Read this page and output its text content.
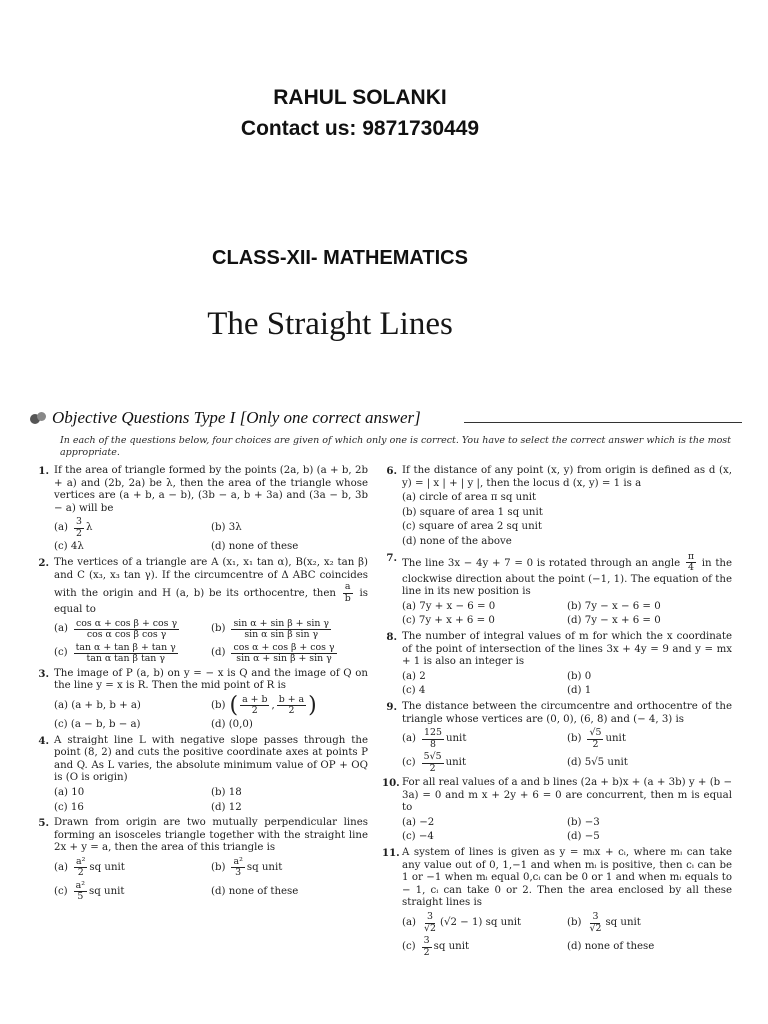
RAHUL SOLANKI
Contact us: 9871730449
CLASS-XII- MATHEMATICS
The Straight Lines
Objective Questions Type I [Only one correct answer]
In each of the questions below, four choices are given of which only one is correct. You have to select the correct answer which is the most appropriate.
1. If the area of triangle formed by the points (2a, b) (a + b, 2b + a) and (2b, 2a) be λ, then the area of the triangle whose vertices are (a + b, a − b), (3b − a, b + 3a) and (3a − b, 3b − a) will be
$(a) \frac{3}{2}$ λ	(b) 3λ
(c) 4λ	(d) none of these
2. The vertices of a triangle are A (x₁, x₁ tan α), B(x₂, x₂ tan β) and C (x₃, x₃ tan γ). If the circumcentre of Δ ABC coincides with the origin and H (a, b) be its orthocentre, then $\frac{a}{b}$ is equal to
$(a) \frac{\text{cos α + cos β + cos γ}}{\text{cos α cos β cos γ}}$	$(b) \frac{\text{sin α + sin β + sin γ}}{\text{sin α sin β sin γ}}$
$(c) \frac{\text{tan α + tan β + tan γ}}{\text{tan α tan β tan γ}}$	$(d) \frac{\text{cos α + cos β + cos γ}}{\text{sin α + sin β + sin γ}}$
3. The image of P (a, b) on y = − x is Q and the image of Q on the line y = x is R. Then the mid point of R is
(a) (a + b, b + a)	(b) ( $\frac{a + b}{2}$ , $\frac{b + a}{2}$ )
(c) (a − b, b − a)	(d) (0,0)
4. A straight line L with negative slope passes through the point (8, 2) and cuts the positive coordinate axes at points P and Q. As L varies, the absolute minimum value of OP + OQ is (O is origin)
(a) 10	(b) 18
(c) 16	(d) 12
5. Drawn from origin are two mutually perpendicular lines forming an isosceles triangle together with the straight line 2x + y = a, then the area of this triangle is
$(a) \frac{\text{a²}}{2}$ sq unit	$(b) \frac{\text{a²}}{3}$ sq unit
$(c) \frac{\text{a²}}{5}$ sq unit	(d) none of these
6. If the distance of any point (x, y) from origin is defined as d (x, y) = | x | + | y |, then the locus d (x, y) = 1 is a
(a) circle of area π sq unit
(b) square of area 1 sq unit
(c) square of area 2 sq unit
(d) none of the above
7. The line 3x − 4y + 7 = 0 is rotated through an angle $\frac{\pi}{4}$ in the clockwise direction about the point (−1, 1). The equation of the line in its new position is
(a) 7y + x − 6 = 0	(b) 7y − x − 6 = 0
(c) 7y + x + 6 = 0	(d) 7y − x + 6 = 0
8. The number of integral values of m for which the x coordinate of the point of intersection of the lines 3x + 4y = 9 and y = mx + 1 is also an integer is
(a) 2	(b) 0
(c) 4	(d) 1
9. The distance between the circumcentre and orthocentre of the triangle whose vertices are (0, 0), (6, 8) and (− 4, 3) is
$(a) \frac{125}{8}$ unit	$(b) \frac{√5}{2}$ unit
$(c) \frac{5√5}{2}$ unit	(d) 5√5 unit
10. For all real values of a and b lines (2a + b)x + (a + 3b) y + (b − 3a) = 0 and m x + 2y + 6 = 0 are concurrent, then m is equal to
(a) −2	(b) −3
(c) −4	(d) −5
11. A system of lines is given as y = mᵢx + cᵢ, where mᵢ can take any value out of 0, 1,−1 and when mᵢ is positive, then cᵢ can be 1 or −1 when mᵢ equal 0,cᵢ can be 0 or 1 and when mᵢ equals to − 1, cᵢ can take 0 or 2. Then the area enclosed by all these straight lines is
$(a) \frac{3}{√2} (√2 - 1)$ sq unit	$(b) \frac{3}{√2}$ sq unit
$(c) \frac{3}{2}$ sq unit	(d) none of these
